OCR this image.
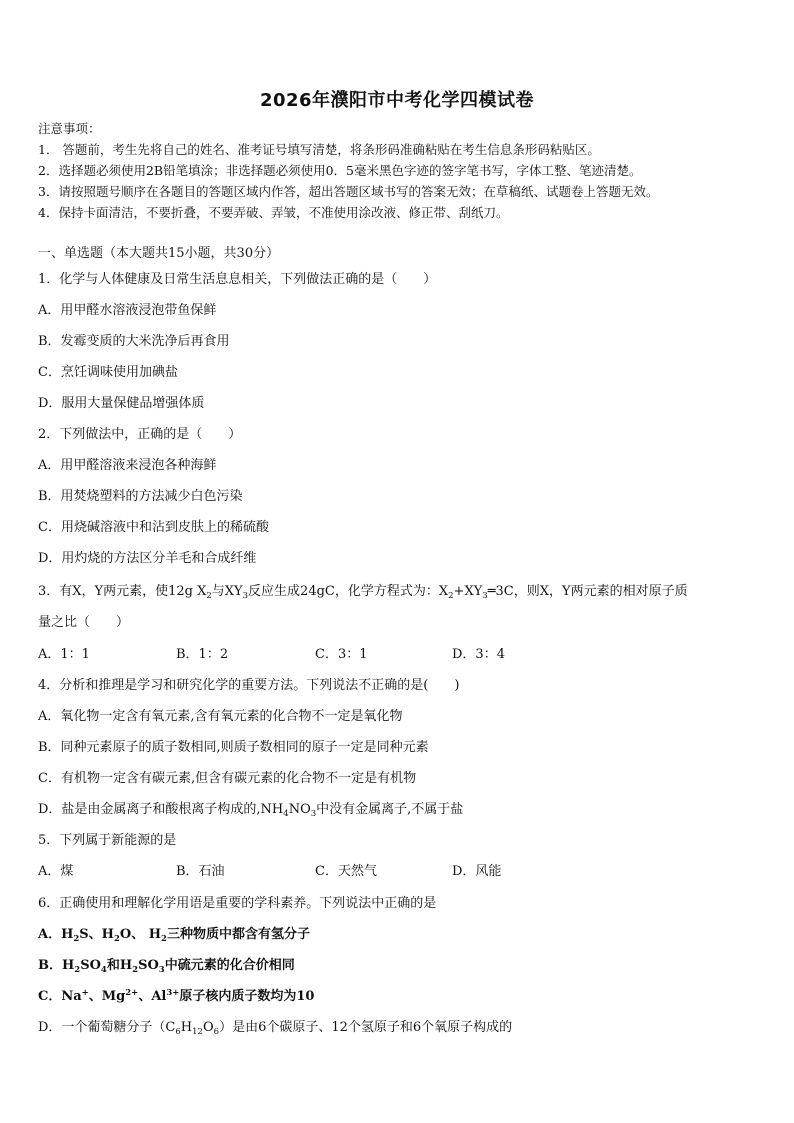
2026年濮阳市中考化学四模试卷
注意事项：
1． 答题前，考生先将自己的姓名、准考证号填写清楚，将条形码准确粘贴在考生信息条形码粘贴区。
2．选择题必须使用2B铅笔填涂；非选择题必须使用0．5毫米黑色字迹的签字笔书写，字体工整、笔迹清楚。
3．请按照题号顺序在各题目的答题区域内作答，超出答题区域书写的答案无效；在草稿纸、试题卷上答题无效。
4．保持卡面清洁，不要折叠，不要弄破、弄皱，不准使用涂改液、修正带、刮纸刀。
一、单选题（本大题共15小题，共30分）
1．化学与人体健康及日常生活息息相关，下列做法正确的是（　　）
A．用甲醛水溶液浸泡带鱼保鲜
B．发霉变质的大米洗净后再食用
C．烹饪调味使用加碘盐
D．服用大量保健品增强体质
2．下列做法中，正确的是（　　）
A．用甲醛溶液来浸泡各种海鲜
B．用焚烧塑料的方法减少白色污染
C．用烧碱溶液中和沾到皮肤上的稀硫酸
D．用灼烧的方法区分羊毛和合成纤维
3．有X，Y两元素，使12g $X_2$与$XY_3$反应生成24gC，化学方程式为：$X_2+XY_3═3C$，则X，Y两元素的相对原子质
量之比（　　）
A．1：1	B．1：2	C．3：1	D．3：4
4．分析和推理是学习和研究化学的重要方法。下列说法不正确的是(　　)
A．氧化物一定含有氧元素,含有氧元素的化合物不一定是氧化物
B．同种元素原子的质子数相同,则质子数相同的原子一定是同种元素
C．有机物一定含有碳元素,但含有碳元素的化合物不一定是有机物
D．盐是由金属离子和酸根离子构成的$,NH_4NO_3$中没有金属离子,不属于盐
5．下列属于新能源的是
A．煤	B．石油	C．天然气	D．风能
6．正确使用和理解化学用语是重要的学科素养。下列说法中正确的是
A．$H_2S$、$H_2O$、 $H_2$三种物质中都含有氢分子
B．$H_2SO_4$和$H_2SO_3$中硫元素的化合价相同
C．Na+、$Mg^{2+}$、$Al^{3+}$原子核内质子数均为10
D．一个葡萄糖分子$(C_6H_{12}O_6)$是由6个碳原子、12个氢原子和6个氧原子构成的
